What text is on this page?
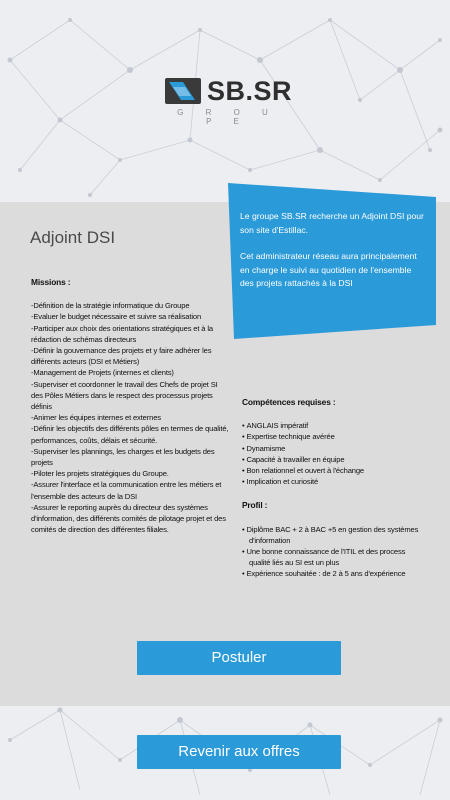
SB.SR
G R O U P E
Adjoint DSI

Le groupe SB.SR recherche un Adjoint DSI pour son site d'Estillac.

Cet administrateur réseau aura principalement en charge le suivi au quotidien de l'ensemble des projets rattachés à la DSI

Missions :

-Définition de la stratégie informatique du Groupe

-Evaluer le budget nécessaire et suivre sa réalisation

-Participer aux choix des orientations stratégiques et à la rédaction de schémas directeurs

-Définir la gouvernance des projets et y faire adhérer les différents acteurs (DSI et Métiers)

-Management de Projets (internes et clients)

-Superviser et coordonner le travail des Chefs de projet SI des Pôles Métiers dans le respect des processus projets définis

-Animer les équipes internes et externes

-Définir les objectifs des différents pôles en termes de qualité, performances, coûts, délais et sécurité.

-Superviser les plannings, les charges et les budgets des projets

-Piloter les projets stratégiques du Groupe.

-Assurer l'interface et la communication entre les métiers et l'ensemble des acteurs de la DSI

-Assurer le reporting auprès du directeur des systèmes d'information, des différents comités de pilotage projet et des comités de direction des différentes filiales.

Compétences requises :
• ANGLAIS impératif
• Expertise technique avérée
• Dynamisme
• Capacité à travailler en équipe
• Bon relationnel et ouvert à l'échange
• Implication et curiosité
Profil :
• Diplôme BAC + 2 à BAC +5 en gestion des systèmes d'information
• Une bonne connaissance de l'ITIL et des process qualité liés au SI est un plus
• Expérience souhaitée : de 2 à 5 ans d'expérience
Postuler
Revenir aux offres
